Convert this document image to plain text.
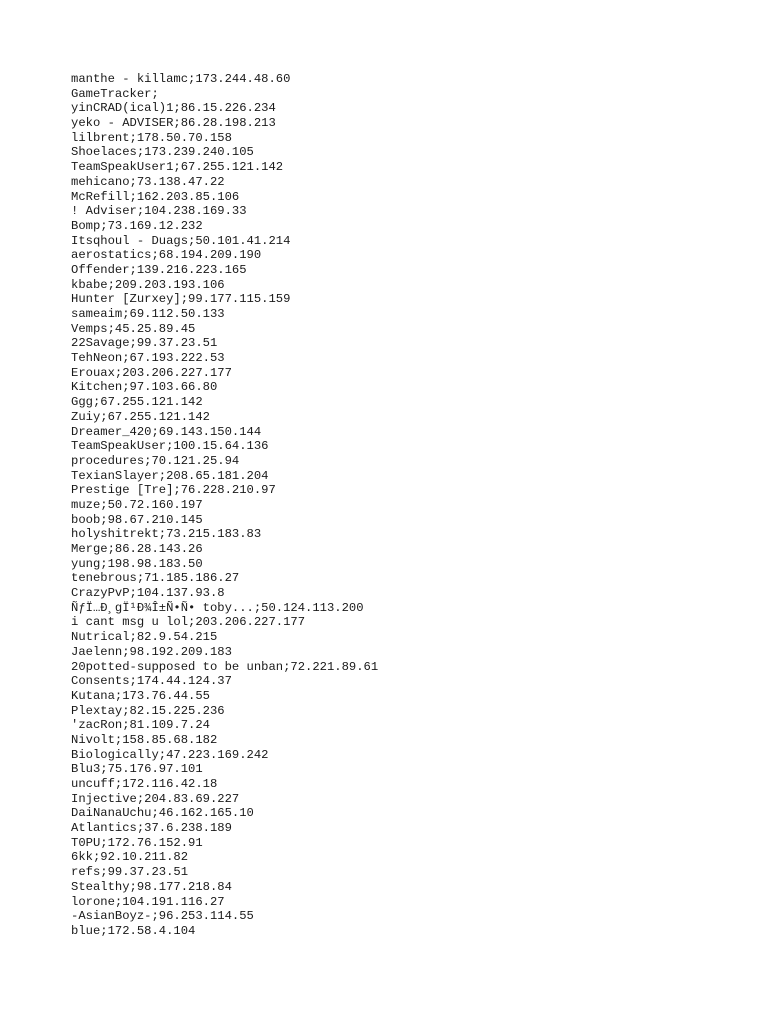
manthe - killamc;173.244.48.60
GameTracker;
yinCRAD(ical)1;86.15.226.234
yeko - ADVISER;86.28.198.213
lilbrent;178.50.70.158
Shoelaces;173.239.240.105
TeamSpeakUser1;67.255.121.142
mehicano;73.138.47.22
McRefill;162.203.85.106
! Adviser;104.238.169.33
Bomp;73.169.12.232
Itsqhoul - Duags;50.101.41.214
aerostatics;68.194.209.190
Offender;139.216.223.165
kbabe;209.203.193.106
Hunter [Zurxey];99.177.115.159
sameaim;69.112.50.133
Vemps;45.25.89.45
22Savage;99.37.23.51
TehNeon;67.193.222.53
Erouax;203.206.227.177
Kitchen;97.103.66.80
Ggg;67.255.121.142
Zuiy;67.255.121.142
Dreamer_420;69.143.150.144
TeamSpeakUser;100.15.64.136
procedures;70.121.25.94
TexianSlayer;208.65.181.204
Prestige [Tre];76.228.210.97
muze;50.72.160.197
boob;98.67.210.145
holyshitrekt;73.215.183.83
Merge;86.28.143.26
yung;198.98.183.50
tenebrous;71.185.186.27
CrazyPvP;104.137.93.8
ÑƒÏ…Ð¸gÏ¹Ð¾Î±Ñ•Ñ• toby...;50.124.113.200
i cant msg u lol;203.206.227.177
Nutrical;82.9.54.215
Jaelenn;98.192.209.183
20potted-supposed to be unban;72.221.89.61
Consents;174.44.124.37
Kutana;173.76.44.55
Plextay;82.15.225.236
'zacRon;81.109.7.24
Nivolt;158.85.68.182
Biologically;47.223.169.242
Blu3;75.176.97.101
uncuff;172.116.42.18
Injective;204.83.69.227
DaiNanaUchu;46.162.165.10
Atlantics;37.6.238.189
T0PU;172.76.152.91
6kk;92.10.211.82
refs;99.37.23.51
Stealthy;98.177.218.84
lorone;104.191.116.27
-AsianBoyz-;96.253.114.55
blue;172.58.4.104
